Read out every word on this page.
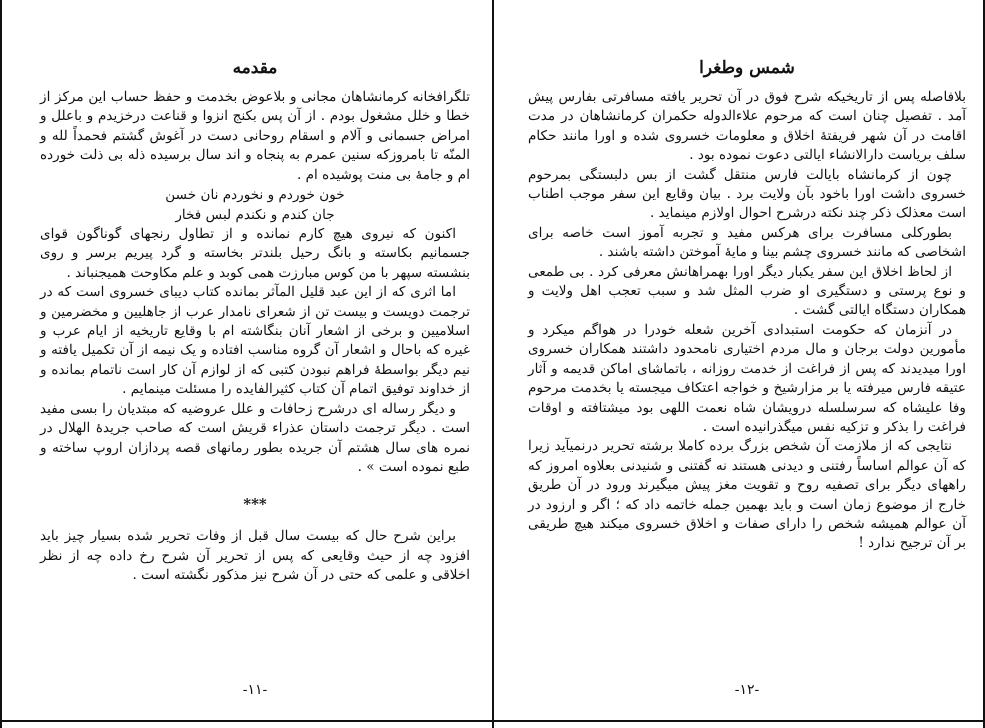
مقدمه

تلگرافخانه کرمانشاهان مجانی و بلاعوض بخدمت و حفظ حساب این مرکز از خطا و خلل مشغول بودم . از آن پس بکنج انزوا و قناعت درخزیدم و باعلل و امراض جسمانی و آلام و اسقام روحانی دست در آغوش گشتم فحمداً لله و المنّه تا بامروزکه سنین عمرم به پنجاه و اند سال برسیده ذله بی ذلت خورده ام و جامهٔ بی منت پوشیده ام .

خون خوردم و نخوردم نان خسن

جان کندم و نکندم لبس فخار

اکنون که نیروی هیچ کارم نمانده و از تطاول رنجهای گوناگون قوای جسمانیم بکاسته و بانگ رحیل بلندتر بخاسته و گرد پیریم برسر و روی بنشسته سپهر با من کوس مبارزت همی کوبد و علم مکاوحت همیجنباند .

اما اثری که از این عبد قلیل المآثر بمانده کتاب دیبای خسروی است که در ترجمت دویست و بیست تن از شعرای نامدار عرب از جاهلیین و مخضرمین و اسلامیین و برخی از اشعار آنان بنگاشته ام با وقایع تاریخیه از ایام عرب و غیره که باحال و اشعار آن گروه مناسب افتاده و یک نیمه از آن تکمیل یافته و نیم دیگر بواسطهٔ فراهم نبودن کتبی که از لوازم آن کار است ناتمام بمانده و از خداوند توفیق اتمام آن کتاب کثیرالفایده را مسئلت مینمایم .

و دیگر رساله ای درشرح زحافات و علل عروضیه که مبتدیان را بسی مفید است . دیگر ترجمت داستان عذراء قریش است که صاحب جریدهٔ الهلال در نمره های سال هشتم آن جریده بطور رمانهای قصه پردازان اروپ ساخته و طبع نموده است » .

***

براین شرح حال که بیست سال قبل از وفات تحریر شده بسیار چیز باید افزود چه از حیث وقایعی که پس از تحریر آن شرح رخ داده چه از نظر اخلاقی و علمی که حتی در آن شرح نیز مذکور نگشته است .

-۱۱-
شمس وطغرا

بلافاصله پس از تاریخیکه شرح فوق در آن تحریر یافته مسافرتی بفارس پیش آمد . تفصیل چنان است که مرحوم علاءالدوله حکمران کرمانشاهان در مدت اقامت در آن شهر فریفتهٔ اخلاق و معلومات خسروی شده و اورا مانند حکام سلف بریاست دارالانشاء ایالتی دعوت نموده بود .

چون از کرمانشاه بایالت فارس منتقل گشت از بس دلبستگی بمرحوم خسروی داشت اورا باخود بآن ولایت برد . بیان وقایع این سفر موجب اطناب است معذلک ذکر چند نکته درشرح احوال اولازم مینماید .

بطورکلی مسافرت برای هرکس مفید و تجربه آموز است خاصه برای اشخاصی که مانند خسروی چشم بینا و مایهٔ آموختن داشته باشند .

از لحاظ اخلاق این سفر یکبار دیگر اورا بهمراهانش معرفی کرد . بی طمعی و نوع پرستی و دستگیری او ضرب المثل شد و سبب تعجب اهل ولایت و همکاران دستگاه ایالتی گشت .

در آنزمان که حکومت استبدادی آخرین شعله خودرا در هواگم میکرد و مأمورین دولت برجان و مال مردم اختیاری نامحدود داشتند همکاران خسروی اورا میدیدند که پس از فراغت از خدمت روزانه ، باتماشای اماکن قدیمه و آثار عتیقه فارس میرفته یا بر مزارشیخ و خواجه اعتکاف میجسته یا بخدمت مرحوم وفا علیشاه که سرسلسله درویشان شاه نعمت اللهی بود میشتافته و اوقات فراغت را بذکر و تزکیه نفس میگذرانیده است .

نتایجی که از ملازمت آن شخص بزرگ برده کاملا برشته تحریر درنمیآید زیرا که آن عوالم اساساً رفتنی و دیدنی هستند نه گفتنی و شنیدنی بعلاوه امروز که راههای دیگر برای تصفیه روح و تقویت مغز پیش میگیرند ورود در آن طریق خارج از موضوع زمان است و باید بهمین جمله خاتمه داد که ؛ اگر و ارزود در آن عوالم همیشه شخص را دارای صفات و اخلاق خسروی میکند هیچ طریقی بر آن ترجیح ندارد !

-۱۲-
